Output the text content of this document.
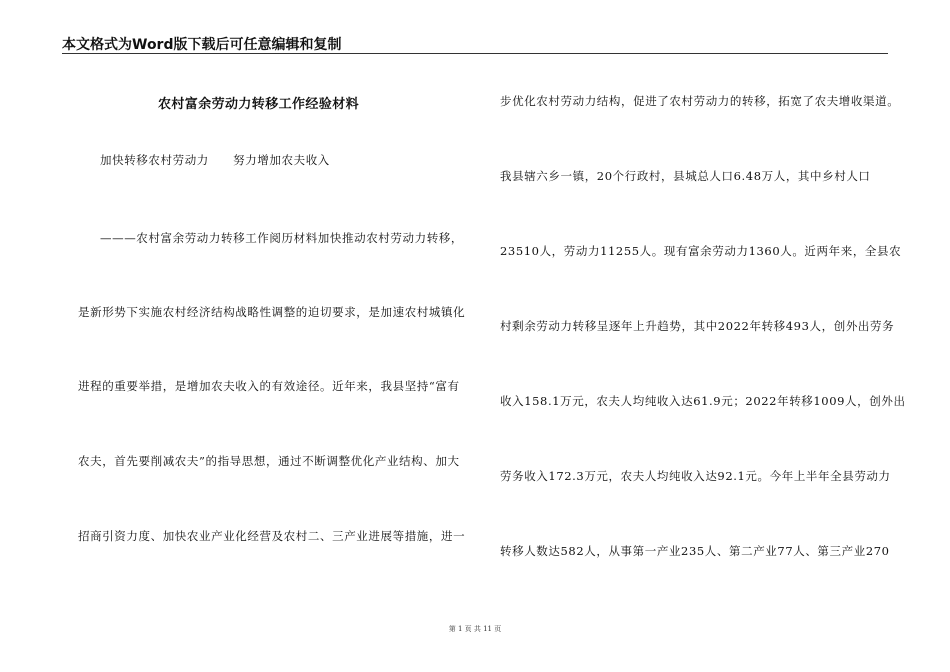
本文格式为Word版下载后可任意编辑和复制
农村富余劳动力转移工作经验材料
加快转移农村劳动力　　努力增加农夫收入
———农村富余劳动力转移工作阅历材料加快推动农村劳动力转移，
是新形势下实施农村经济结构战略性调整的迫切要求，是加速农村城镇化
进程的重要举措，是增加农夫收入的有效途径。近年来，我县坚持“富有
农夫，首先要削减农夫”的指导思想，通过不断调整优化产业结构、加大
招商引资力度、加快农业产业化经营及农村二、三产业进展等措施，进一
步优化农村劳动力结构，促进了农村劳动力的转移，拓宽了农夫增收渠道。
我县辖六乡一镇，20个行政村，县城总人口6.48万人，其中乡村人口
23510人，劳动力11255人。现有富余劳动力1360人。近两年来，全县农
村剩余劳动力转移呈逐年上升趋势，其中2022年转移493人，创外出劳务
收入158.1万元，农夫人均纯收入达61.9元；2022年转移1009人，创外出
劳务收入172.3万元，农夫人均纯收入达92.1元。今年上半年全县劳动力
转移人数达582人，从事第一产业235人、第二产业77人、第三产业270
第 1 页 共 11 页
